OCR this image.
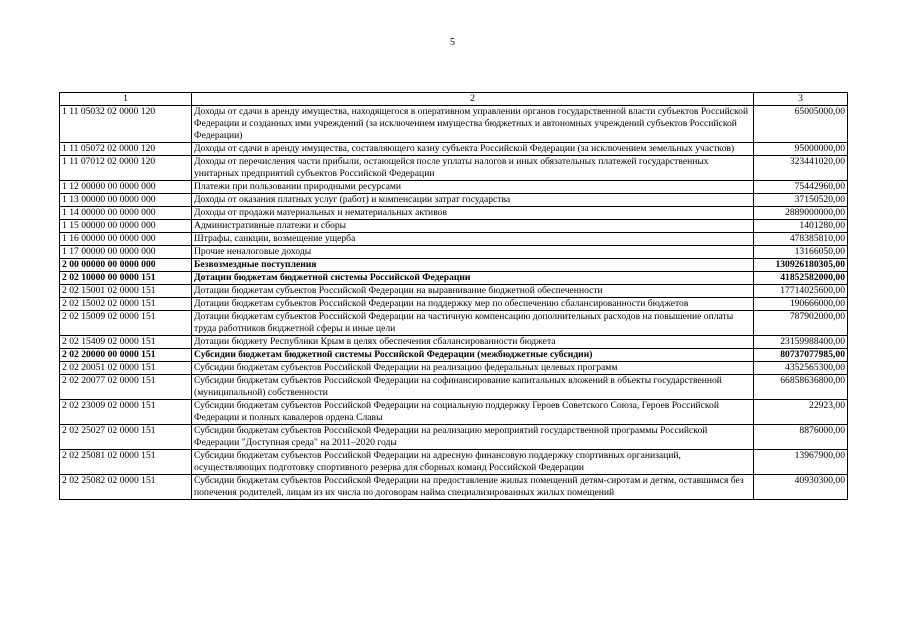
5
1	2	3
1 11 05032 02 0000 120	Доходы от сдачи в аренду имущества, находящегося в оперативном управлении органов государственной власти субъектов Российской Федерации и созданных ими учреждений (за исключением имущества бюджетных и автономных учреждений субъектов Российской Федерации)	65005000,00
1 11 05072 02 0000 120	Доходы от сдачи в аренду имущества, составляющего казну субъекта Российской Федерации (за исключением земельных участков)	95000000,00
1 11 07012 02 0000 120	Доходы от перечисления части прибыли, остающейся после уплаты налогов и иных обязательных платежей государственных унитарных предприятий субъектов Российской Федерации	323441020,00
1 12 00000 00 0000 000	Платежи при пользовании природными ресурсами	75442960,00
1 13 00000 00 0000 000	Доходы от оказания платных услуг (работ) и компенсации затрат государства	37150520,00
1 14 00000 00 0000 000	Доходы от продажи материальных и нематериальных активов	2889000000,00
1 15 00000 00 0000 000	Административные платежи и сборы	1401280,00
1 16 00000 00 0000 000	Штрафы, санкции, возмещение ущерба	478385810,00
1 17 00000 00 0000 000	Прочие неналоговые доходы	13166050,00
2 00 00000 00 0000 000	Безвозмездные поступления	130926180305,00
2 02 10000 00 0000 151	Дотации бюджетам бюджетной системы Российской Федерации	41852582000,00
2 02 15001 02 0000 151	Дотации бюджетам субъектов Российской Федерации на выравнивание бюджетной обеспеченности	17714025600,00
2 02 15002 02 0000 151	Дотации бюджетам субъектов Российской Федерации на поддержку мер по обеспечению сбалансированности бюджетов	190666000,00
2 02 15009 02 0000 151	Дотации бюджетам субъектов Российской Федерации на частичную компенсацию дополнительных расходов на повышение оплаты труда работников бюджетной сферы и иные цели	787902000,00
2 02 15409 02 0000 151	Дотации бюджету Республики Крым в целях обеспечения сбалансированности бюджета	23159988400,00
2 02 20000 00 0000 151	Субсидии бюджетам бюджетной системы Российской Федерации (межбюджетные субсидии)	80737077985,00
2 02 20051 02 0000 151	Субсидии бюджетам субъектов Российской Федерации на реализацию федеральных целевых программ	4352565300,00
2 02 20077 02 0000 151	Субсидии бюджетам субъектов Российской Федерации на софинансирование капитальных вложений в объекты государственной (муниципальной) собственности	66858636800,00
2 02 23009 02 0000 151	Субсидии бюджетам субъектов Российской Федерации на социальную поддержку Героев Советского Союза, Героев Российской Федерации и полных кавалеров ордена Славы	22923,00
2 02 25027 02 0000 151	Субсидии бюджетам субъектов Российской Федерации на реализацию мероприятий государственной программы Российской Федерации "Доступная среда" на 2011–2020 годы	8876000,00
2 02 25081 02 0000 151	Субсидии бюджетам субъектов Российской Федерации на адресную финансовую поддержку спортивных организаций, осуществляющих подготовку спортивного резерва для сборных команд Российской Федерации	13967900,00
2 02 25082 02 0000 151	Субсидии бюджетам субъектов Российской Федерации на предоставление жилых помещений детям-сиротам и детям, оставшимся без попечения родителей, лицам из их числа по договорам найма специализированных жилых помещений	40930300,00
